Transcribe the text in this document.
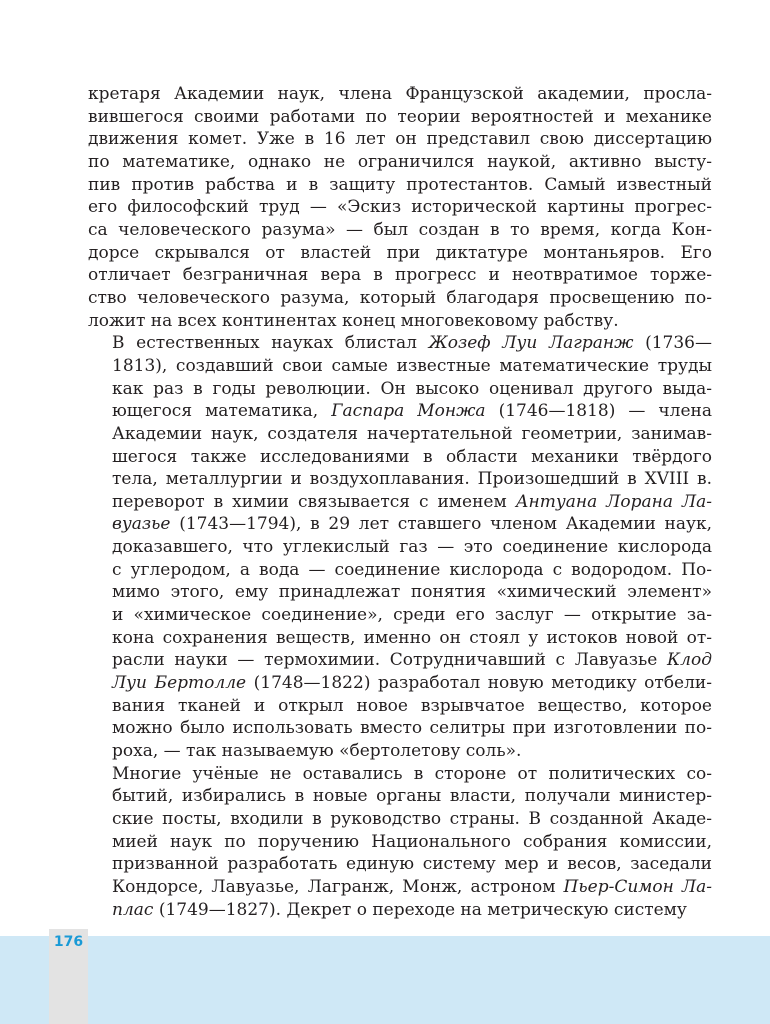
кретаря Академии наук, члена Французской академии, просла-
вившегося своими работами по теории вероятностей и механике
движения комет. Уже в 16 лет он представил свою диссертацию
по математике, однако не ограничился наукой, активно высту-
пив против рабства и в защиту протестантов. Самый известный
его философский труд — «Эскиз исторической картины прогрес-
са человеческого разума» — был создан в то время, когда Кон-
дорсе скрывался от властей при диктатуре монтаньяров. Его
отличает безграничная вера в прогресс и неотвратимое торже-
ство человеческого разума, который благодаря просвещению по-
ложит на всех континентах конец многовековому рабству.
В естественных науках блистал Жозеф Луи Лагранж (1736—
1813), создавший свои самые известные математические труды
как раз в годы революции. Он высоко оценивал другого выда-
ющегося математика, Гаспара Монжа (1746—1818) — члена
Академии наук, создателя начертательной геометрии, занимав-
шегося также исследованиями в области механики твёрдого
тела, металлургии и воздухоплавания. Произошедший в XVIII в.
переворот в химии связывается с именем Антуана Лорана Ла-
вуазье (1743—1794), в 29 лет ставшего членом Академии наук,
доказавшего, что углекислый газ — это соединение кислорода
с углеродом, а вода — соединение кислорода с водородом. По-
мимо этого, ему принадлежат понятия «химический элемент»
и «химическое соединение», среди его заслуг — открытие за-
кона сохранения веществ, именно он стоял у истоков новой от-
расли науки — термохимии. Сотрудничавший с Лавуазье Клод
Луи Бертолле (1748—1822) разработал новую методику отбели-
вания тканей и открыл новое взрывчатое вещество, которое
можно было использовать вместо селитры при изготовлении по-
роха, — так называемую «бертолетову соль».
Многие учёные не оставались в стороне от политических со-
бытий, избирались в новые органы власти, получали министер-
ские посты, входили в руководство страны. В созданной Акаде-
мией наук по поручению Национального собрания комиссии,
призванной разработать единую систему мер и весов, заседали
Кондорсе, Лавуазье, Лагранж, Монж, астроном Пьер-Симон Ла-
плас (1749—1827). Декрет о переходе на метрическую систему
176
